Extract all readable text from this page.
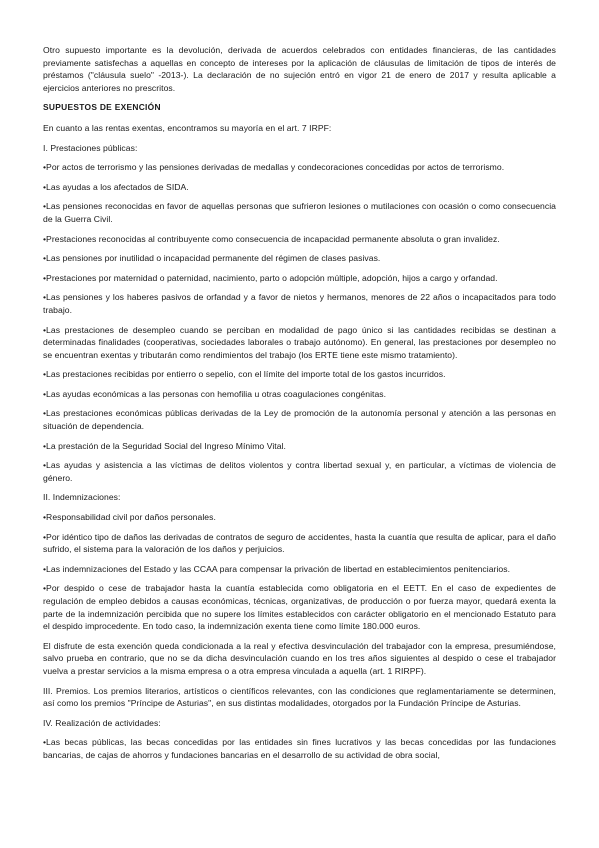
Otro supuesto importante es la devolución, derivada de acuerdos celebrados con entidades financieras, de las cantidades previamente satisfechas a aquellas en concepto de intereses por la aplicación de cláusulas de limitación de tipos de interés de préstamos ("cláusula suelo" -2013-). La declaración de no sujeción entró en vigor 21 de enero de 2017 y resulta aplicable a ejercicios anteriores no prescritos.

SUPUESTOS DE EXENCIÓN

En cuanto a las rentas exentas, encontramos su mayoría en el art. 7 IRPF:

I. Prestaciones públicas:

•Por actos de terrorismo y las pensiones derivadas de medallas y condecoraciones concedidas por actos de terrorismo.

•Las ayudas a los afectados de SIDA.

•Las pensiones reconocidas en favor de aquellas personas que sufrieron lesiones o mutilaciones con ocasión o como consecuencia de la Guerra Civil.

•Prestaciones reconocidas al contribuyente como consecuencia de incapacidad permanente absoluta o gran invalidez.

•Las pensiones por inutilidad o incapacidad permanente del régimen de clases pasivas.

•Prestaciones por maternidad o paternidad, nacimiento, parto o adopción múltiple, adopción, hijos a cargo y orfandad.

•Las pensiones y los haberes pasivos de orfandad y a favor de nietos y hermanos, menores de 22 años o incapacitados para todo trabajo.

•Las prestaciones de desempleo cuando se perciban en modalidad de pago único si las cantidades recibidas se destinan a determinadas finalidades (cooperativas, sociedades laborales o trabajo autónomo). En general, las prestaciones por desempleo no se encuentran exentas y tributarán como rendimientos del trabajo (los ERTE tiene este mismo tratamiento).

•Las prestaciones recibidas por entierro o sepelio, con el límite del importe total de los gastos incurridos.

•Las ayudas económicas a las personas con hemofilia u otras coagulaciones congénitas.

•Las prestaciones económicas públicas derivadas de la Ley de promoción de la autonomía personal y atención a las personas en situación de dependencia.

•La prestación de la Seguridad Social del Ingreso Mínimo Vital.

•Las ayudas y asistencia a las víctimas de delitos violentos y contra libertad sexual y, en particular, a víctimas de violencia de género.

II. Indemnizaciones:

•Responsabilidad civil por daños personales.

•Por idéntico tipo de daños las derivadas de contratos de seguro de accidentes, hasta la cuantía que resulta de aplicar, para el daño sufrido, el sistema para la valoración de los daños y perjuicios.

•Las indemnizaciones del Estado y las CCAA para compensar la privación de libertad en establecimientos penitenciarios.

•Por despido o cese de trabajador hasta la cuantía establecida como obligatoria en el EETT. En el caso de expedientes de regulación de empleo debidos a causas económicas, técnicas, organizativas, de producción o por fuerza mayor, quedará exenta la parte de la indemnización percibida que no supere los límites establecidos con carácter obligatorio en el mencionado Estatuto para el despido improcedente. En todo caso, la indemnización exenta tiene como límite 180.000 euros.

El disfrute de esta exención queda condicionada a la real y efectiva desvinculación del trabajador con la empresa, presumiéndose, salvo prueba en contrario, que no se da dicha desvinculación cuando en los tres años siguientes al despido o cese el trabajador vuelva a prestar servicios a la misma empresa o a otra empresa vinculada a aquella (art. 1 RIRPF).

III. Premios. Los premios literarios, artísticos o científicos relevantes, con las condiciones que reglamentariamente se determinen, así como los premios "Príncipe de Asturias", en sus distintas modalidades, otorgados por la Fundación Príncipe de Asturias.

IV. Realización de actividades:

•Las becas públicas, las becas concedidas por las entidades sin fines lucrativos y las becas concedidas por las fundaciones bancarias, de cajas de ahorros y fundaciones bancarias en el desarrollo de su actividad de obra social,
